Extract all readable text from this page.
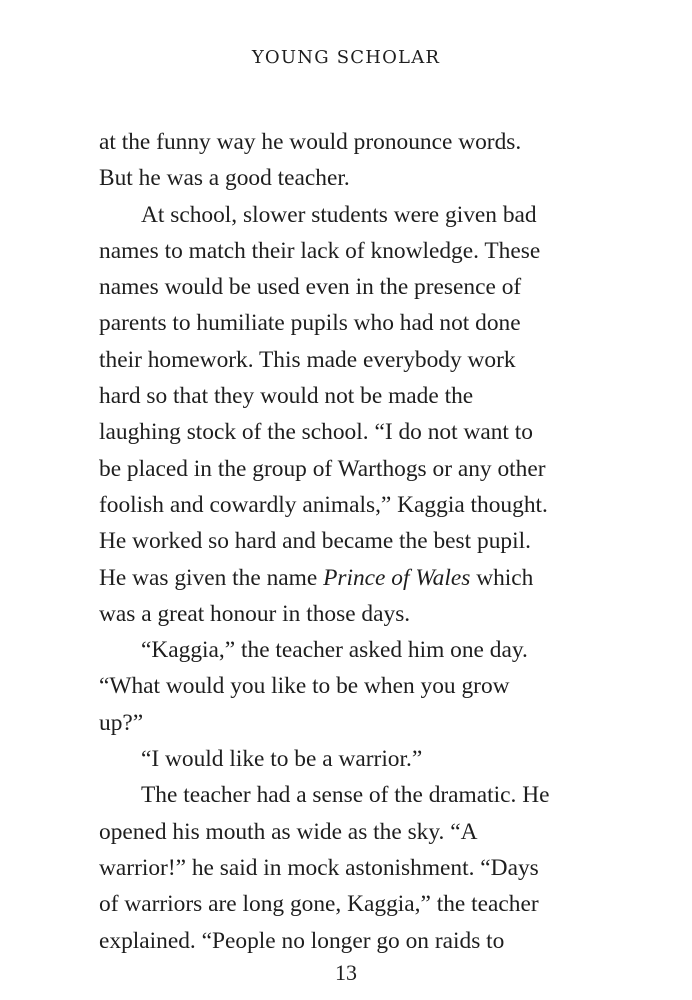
YOUNG SCHOLAR
at the funny way he would pronounce words.
But he was a good teacher.
At school, slower students were given bad
names to match their lack of knowledge. These
names would be used even in the presence of
parents to humiliate pupils who had not done
their homework. This made everybody work
hard so that they would not be made the
laughing stock of the school. “I do not want to
be placed in the group of Warthogs or any other
foolish and cowardly animals,” Kaggia thought.
He worked so hard and became the best pupil.
He was given the name Prince of Wales which
was a great honour in those days.
“Kaggia,” the teacher asked him one day.
“What would you like to be when you grow
up?”
“I would like to be a warrior.”
The teacher had a sense of the dramatic. He
opened his mouth as wide as the sky. “A
warrior!” he said in mock astonishment. “Days
of warriors are long gone, Kaggia,” the teacher
explained. “People no longer go on raids to
13
